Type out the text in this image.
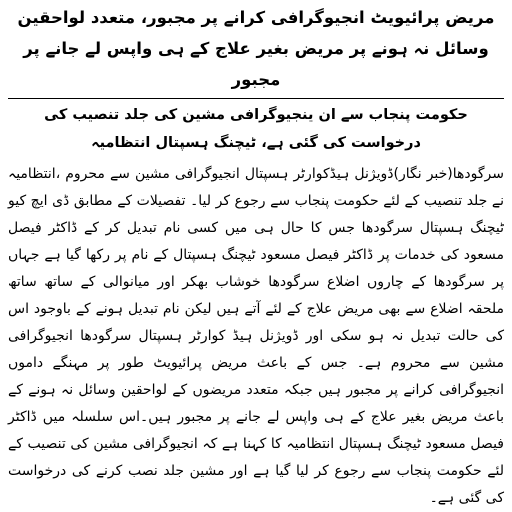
مریض پرائیویٹ انجیوگرافی کرانے پر مجبور، متعدد لواحقین وسائل نہ ہونے پر مریض بغیر علاج کے ہی واپس لے جانے پر مجبور
حکومت پنجاب سے ان ینجیوگرافی مشین کی جلد تنصیب کی درخواست کی گئی ہے، ٹیچنگ ہسپتال انتظامیہ

سرگودھا(خبر نگار)ڈویژنل ہیڈکوارٹر ہسپتال انجیوگرافی مشین سے محروم ،انتظامیہ نے جلد تنصیب کے لئے حکومت پنجاب سے رجوع کر لیا۔ تفصیلات کے مطابق ڈی ایچ کیو ٹیچنگ ہسپتال سرگودھا جس کا حال ہی میں کسی نام تبدیل کر کے ڈاکٹر فیصل مسعود کی خدمات پر ڈاکٹر فیصل مسعود ٹیچنگ ہسپتال کے نام پر رکھا گیا ہے جہاں پر سرگودھا کے چاروں اضلاع سرگودھا خوشاب بھکر اور میانوالی کے ساتھ ساتھ ملحقہ اضلاع سے بھی مریض علاج کے لئے آتے ہیں لیکن نام تبدیل ہونے کے باوجود اس کی حالت تبدیل نہ ہو سکی اور ڈویژنل ہیڈ کوارٹر ہسپتال سرگودھا انجیوگرافی مشین سے محروم ہے۔ جس کے باعث مریض پرائیویٹ طور پر مہنگے داموں انجیوگرافی کرانے پر مجبور ہیں جبکہ متعدد مریضوں کے لواحقین وسائل نہ ہونے کے باعث مریض بغیر علاج کے ہی واپس لے جانے پر مجبور ہیں۔اس سلسلہ میں ڈاکٹر فیصل مسعود ٹیچنگ ہسپتال انتظامیہ کا کہنا ہے کہ انجیوگرافی مشین کی تنصیب کے لئے حکومت پنجاب سے رجوع کر لیا گیا ہے اور مشین جلد نصب کرنے کی درخواست کی گئی ہے۔
